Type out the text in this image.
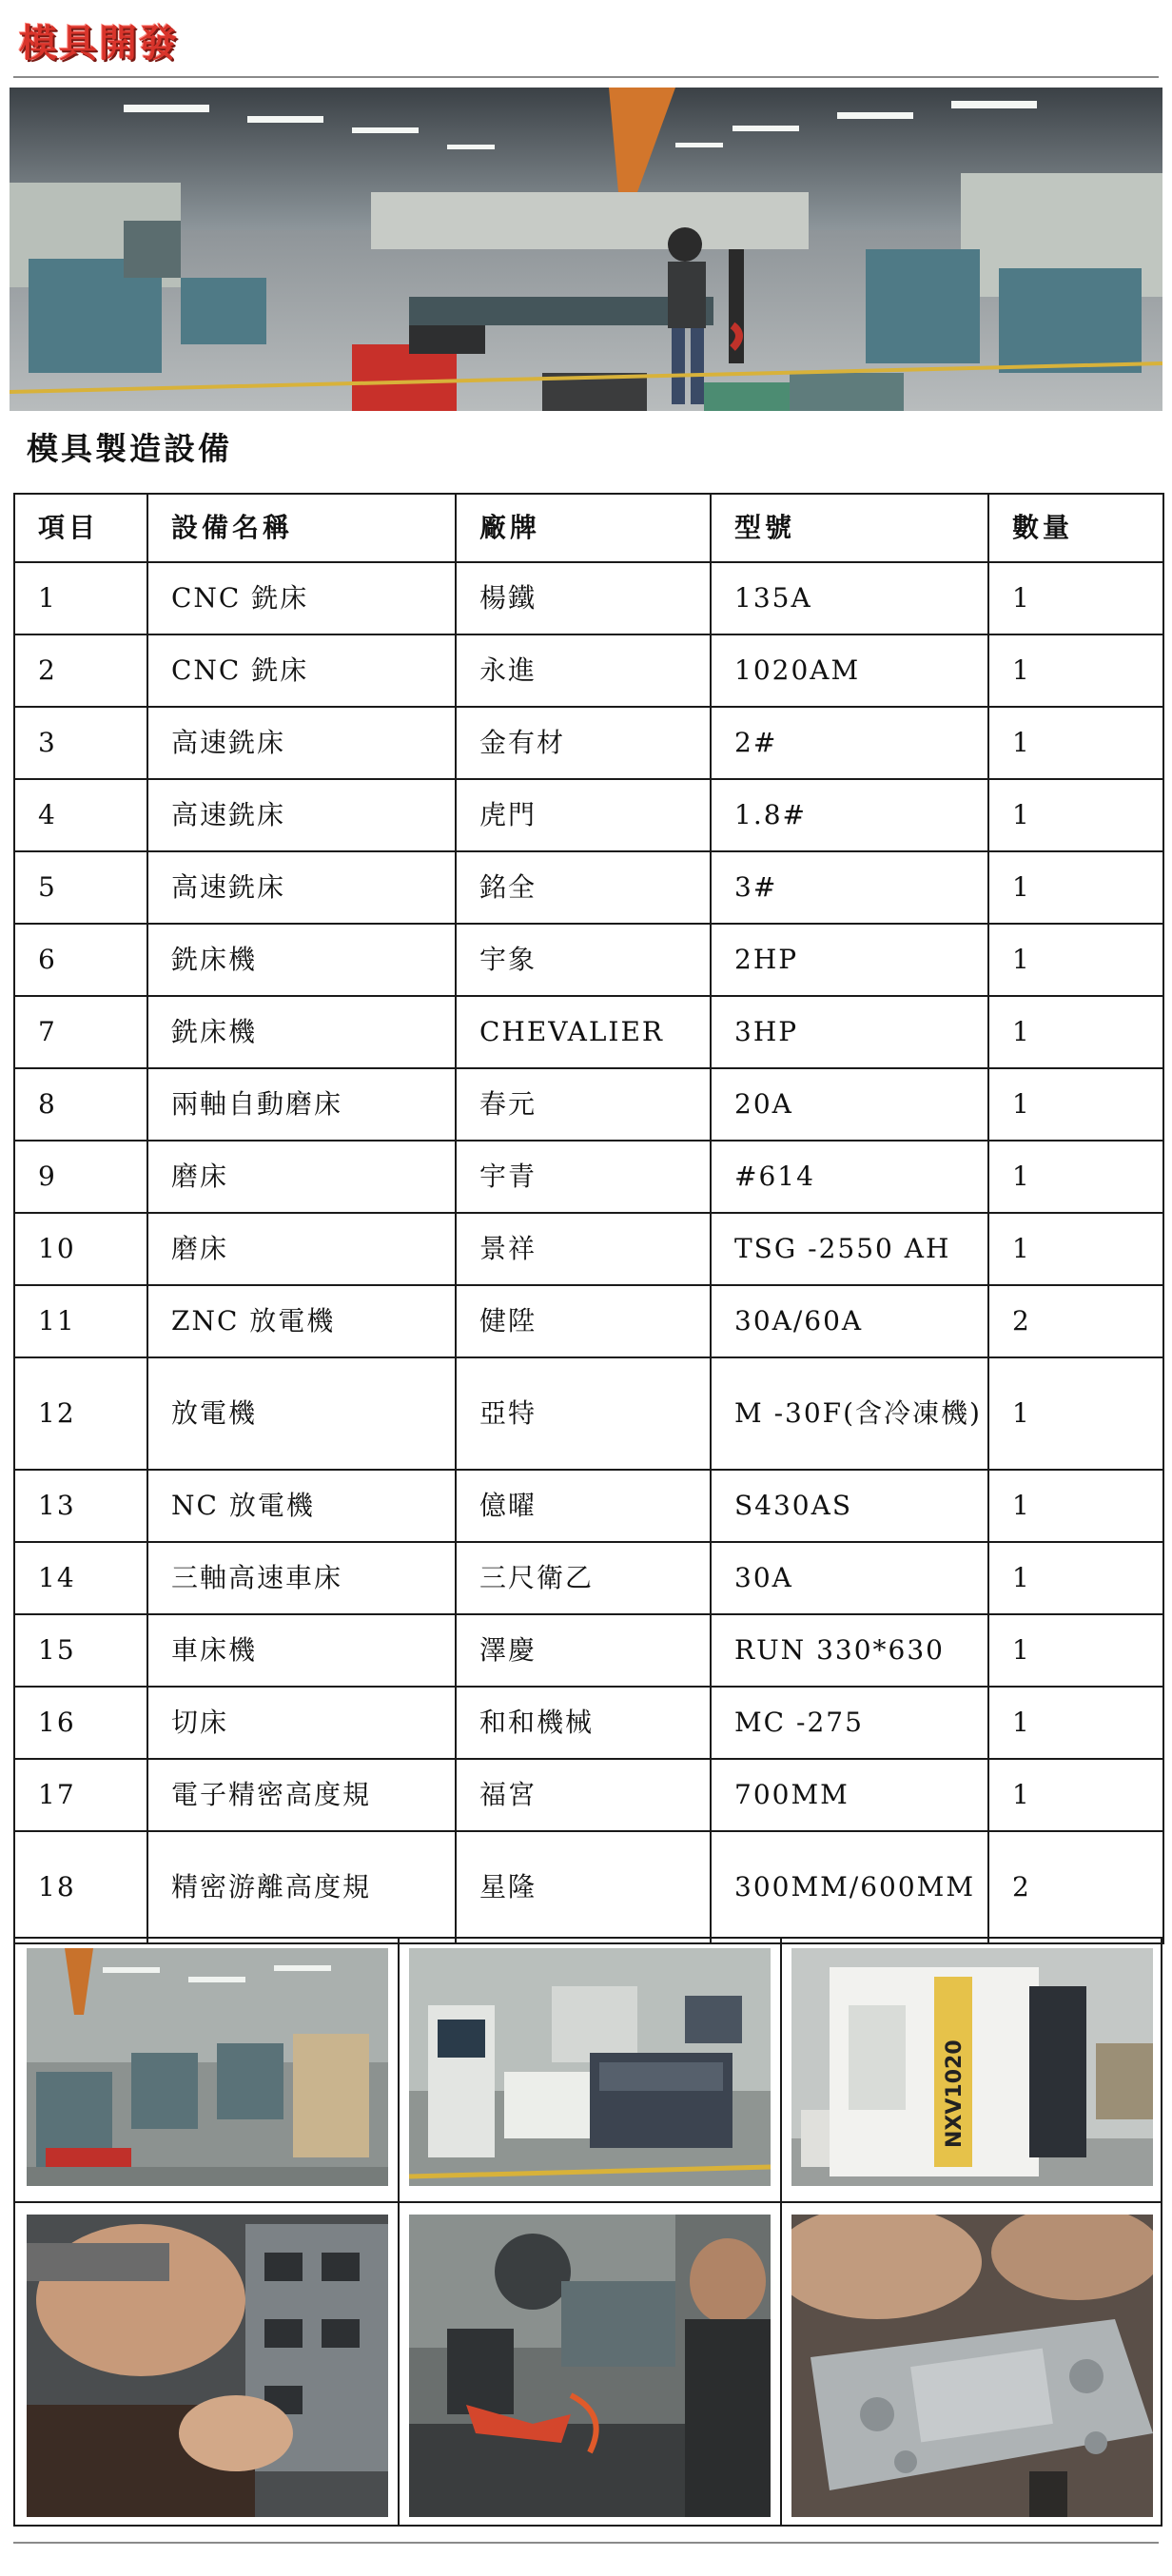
模具開發
模具製造設備
項目	設備名稱	廠牌	型號	數量
1	CNC 銑床	楊鐵	135A	1
2	CNC 銑床	永進	1020AM	1
3	高速銑床	金有材	2#	1
4	高速銑床	虎門	1.8#	1
5	高速銑床	銘全	3#	1
6	銑床機	宇象	2HP	1
7	銑床機	CHEVALIER	3HP	1
8	兩軸自動磨床	春元	20A	1
9	磨床	宇青	#614	1
10	磨床	景祥	TSG -2550 AH	1
11	ZNC 放電機	健陞	30A/60A	2
12	放電機	亞特	M -30F(含冷凍機)	1
13	NC 放電機	億曜	S430AS	1
14	三軸高速車床	三尺衛乙	30A	1
15	車床機	澤慶	RUN 330*630	1
16	切床	和和機械	MC -275	1
17	電子精密高度規	福宮	700MM	1
18	精密游離高度規	星隆	300MM/600MM	2
NXV1020
